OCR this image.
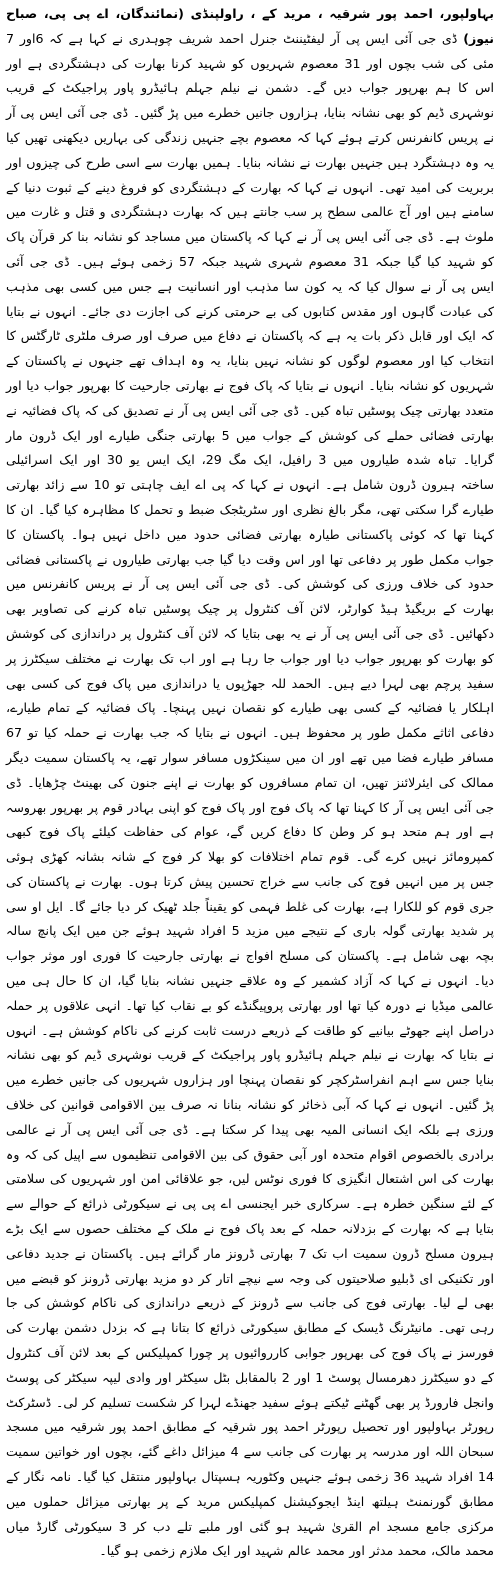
بہاولپور، احمد پور شرقیہ ، مرید کے ، راولپنڈی (نمائندگان، اے پی پی، صباح نیوز) ڈی جی آئی ایس پی آر لیفٹیننٹ جنرل احمد شریف چوہدری نے کہا ہے کہ 6اور 7 مئی کی شب بچوں اور 31 معصوم شہریوں کو شہید کرنا بھارت کی دہشتگردی ہے اور اس کا ہم بھرپور جواب دیں گے۔ دشمن نے نیلم جہلم ہائیڈرو پاور پراجیکٹ کے قریب نوشہری ڈیم کو بھی نشانہ بنایا، ہزاروں جانیں خطرے میں پڑ گئیں۔ ڈی جی آئی ایس پی آر نے پریس کانفرنس کرتے ہوئے کہا کہ معصوم بچے جنہیں زندگی کی بہاریں دیکھنی تھیں کیا یہ وہ دہشتگرد ہیں جنہیں بھارت نے نشانہ بنایا۔ ہمیں بھارت سے اسی طرح کی چیزوں اور بربریت کی امید تھی۔ انہوں نے کہا کہ بھارت کے دہشتگردی کو فروغ دینے کے ثبوت دنیا کے سامنے ہیں اور آج عالمی سطح پر سب جانتے ہیں کہ بھارت دہشتگردی و قتل و غارت میں ملوث ہے۔ ڈی جی آئی ایس پی آر نے کہا کہ پاکستان میں مساجد کو نشانہ بنا کر قرآن پاک کو شہید کیا گیا جبکہ 31 معصوم شہری شہید جبکہ 57 زخمی ہوئے ہیں۔ ڈی جی آئی ایس پی آر نے سوال کیا کہ یہ کون سا مذہب اور انسانیت ہے جس میں کسی بھی مذہب کی عبادت گاہوں اور مقدس کتابوں کی بے حرمتی کرنے کی اجازت دی جائے۔ انہوں نے بتایا کہ ایک اور قابل ذکر بات یہ ہے کہ پاکستان نے دفاع میں صرف اور صرف ملٹری ٹارگٹس کا انتخاب کیا اور معصوم لوگوں کو نشانہ نہیں بنایا، یہ وہ اہداف تھے جنہوں نے پاکستان کے شہریوں کو نشانہ بنایا۔ انہوں نے بتایا کہ پاک فوج نے بھارتی جارحیت کا بھرپور جواب دیا اور متعدد بھارتی چیک پوسٹیں تباہ کیں۔ ڈی جی آئی ایس پی آر نے تصدیق کی کہ پاک فضائیہ نے بھارتی فضائی حملے کی کوشش کے جواب میں 5 بھارتی جنگی طیارے اور ایک ڈرون مار گرایا۔ تباہ شدہ طیاروں میں 3 رافیل، ایک مگ 29، ایک ایس یو 30 اور ایک اسرائیلی ساختہ ہیرون ڈرون شامل ہے۔ انہوں نے کہا کہ پی اے ایف چاہتی تو 10 سے زائد بھارتی طیارے گرا سکتی تھی، مگر بالغ نظری اور سٹریٹجک ضبط و تحمل کا مظاہرہ کیا گیا۔ ان کا کہنا تھا کہ کوئی پاکستانی طیارہ بھارتی فضائی حدود میں داخل نہیں ہوا۔ پاکستان کا جواب مکمل طور پر دفاعی تھا اور اس وقت دیا گیا جب بھارتی طیاروں نے پاکستانی فضائی حدود کی خلاف ورزی کی کوشش کی۔ ڈی جی آئی ایس پی آر نے پریس کانفرنس میں بھارت کے بریگیڈ ہیڈ کوارٹر، لائن آف کنٹرول پر چیک پوسٹیں تباہ کرنے کی تصاویر بھی دکھائیں۔ ڈی جی آئی ایس پی آر نے یہ بھی بتایا کہ لائن آف کنٹرول پر دراندازی کی کوشش کو بھارت کو بھرپور جواب دیا اور جواب جا رہا ہے اور اب تک بھارت نے مختلف سیکٹرز پر سفید پرچم بھی لہرا دیے ہیں۔ الحمد للہ جھڑپوں یا دراندازی میں پاک فوج کی کسی بھی اہلکار یا فضائیہ کے کسی بھی طیارے کو نقصان نہیں پہنچا۔ پاک فضائیہ کے تمام طیارے، دفاعی اثاثے مکمل طور پر محفوظ ہیں۔ انہوں نے بتایا کہ جب بھارت نے حملہ کیا تو 67 مسافر طیارے فضا میں تھے اور ان میں سینکڑوں مسافر سوار تھے، یہ پاکستان سمیت دیگر ممالک کی ایئرلائنز تھیں، ان تمام مسافروں کو بھارت نے اپنے جنون کی بھینٹ چڑھایا۔ ڈی جی آئی ایس پی آر کا کہنا تھا کہ پاک فوج اور پاک فوج کو اپنی بہادر قوم پر بھرپور بھروسہ ہے اور ہم متحد ہو کر وطن کا دفاع کریں گے، عوام کی حفاظت کیلئے پاک فوج کبھی کمپرومائز نہیں کرے گی۔ قوم تمام اختلافات کو بھلا کر فوج کے شانہ بشانہ کھڑی ہوئی جس پر میں انہیں فوج کی جانب سے خراج تحسین پیش کرتا ہوں۔ بھارت نے پاکستان کی جری قوم کو للکارا ہے، بھارت کی غلط فہمی کو یقیناً جلد ٹھیک کر دیا جائے گا۔ ایل او سی پر شدید بھارتی گولہ باری کے نتیجے میں مزید 5 افراد شہید ہوئے جن میں ایک پانچ سالہ بچہ بھی شامل ہے۔ پاکستان کی مسلح افواج نے بھارتی جارحیت کا فوری اور موثر جواب دیا۔ انہوں نے کہا کہ آزاد کشمیر کے وہ علاقے جنہیں نشانہ بنایا گیا، ان کا حال ہی میں عالمی میڈیا نے دورہ کیا تھا اور بھارتی پروپیگنڈے کو بے نقاب کیا تھا۔ انہی علاقوں پر حملہ دراصل اپنے جھوٹے بیانیے کو طاقت کے ذریعے درست ثابت کرنے کی ناکام کوشش ہے۔ انہوں نے بتایا کہ بھارت نے نیلم جہلم ہائیڈرو پاور پراجیکٹ کے قریب نوشہری ڈیم کو بھی نشانہ بنایا جس سے اہم انفراسٹرکچر کو نقصان پہنچا اور ہزاروں شہریوں کی جانیں خطرے میں پڑ گئیں۔ انہوں نے کہا کہ آبی ذخائر کو نشانہ بنانا نہ صرف بین الاقوامی قوانین کی خلاف ورزی ہے بلکہ ایک انسانی المیہ بھی پیدا کر سکتا ہے۔ ڈی جی آئی ایس پی آر نے عالمی برادری بالخصوص اقوام متحدہ اور آبی حقوق کی بین الاقوامی تنظیموں سے اپیل کی کہ وہ بھارت کی اس اشتعال انگیزی کا فوری نوٹس لیں، جو علاقائی امن اور شہریوں کی سلامتی کے لئے سنگین خطرہ ہے۔ سرکاری خبر ایجنسی اے پی پی نے سیکورٹی ذرائع کے حوالے سے بتایا ہے کہ بھارت کے بزدلانہ حملہ کے بعد پاک فوج نے ملک کے مختلف حصوں سے ایک بڑے ہیرون مسلح ڈرون سمیت اب تک 7 بھارتی ڈرونز مار گرائے ہیں۔ پاکستان نے جدید دفاعی اور تکنیکی ای ڈبلیو صلاحیتوں کی وجہ سے نیچے اتار کر دو مزید بھارتی ڈرونز کو قبضے میں بھی لے لیا۔ بھارتی فوج کی جانب سے ڈرونز کے ذریعے دراندازی کی ناکام کوشش کی جا رہی تھی۔ مانیٹرنگ ڈیسک کے مطابق سیکورٹی ذرائع کا بتانا ہے کہ بزدل دشمن بھارت کی فورسز نے پاک فوج کی بھرپور جوابی کارروائیوں پر چورا کمپلیکس کے بعد لائن آف کنٹرول کے دو سیکٹرز دھرمسال پوسٹ 1 اور 2 بالمقابل بٹل سیکٹر اور وادی لیپہ سیکٹر کی پوسٹ وانجل فارورڈ پر بھی گھٹنے ٹیکتے ہوئے سفید جھنڈے لہرا کر شکست تسلیم کر لی۔ ڈسٹرکٹ رپورٹر بہاولپور اور تحصیل رپورٹر احمد پور شرقیہ کے مطابق احمد پور شرقیہ میں مسجد سبحان اللہ اور مدرسہ پر بھارت کی جانب سے 4 میزائل داغے گئے، بچوں اور خواتین سمیت 14 افراد شہید 36 زخمی ہوئے جنہیں وکٹوریہ ہسپتال بہاولپور منتقل کیا گیا۔ نامہ نگار کے مطابق گورنمنٹ ہیلتھ اینڈ ایجوکیشنل کمپلیکس مرید کے پر بھارتی میزائل حملوں میں مرکزی جامع مسجد ام القریٰ شہید ہو گئی اور ملبے تلے دب کر 3 سیکورٹی گارڈ میاں محمد مالک، محمد مدثر اور محمد عالم شہید اور ایک ملازم زخمی ہو گیا۔
